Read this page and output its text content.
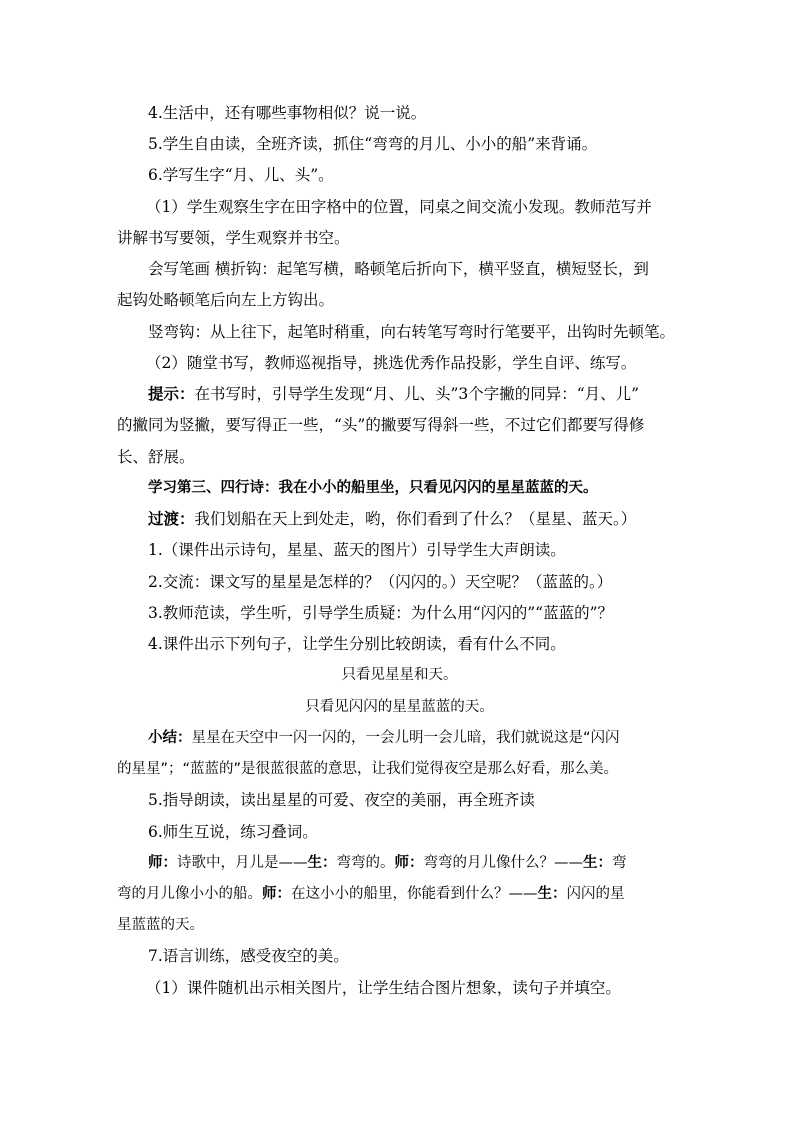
4.生活中，还有哪些事物相似？说一说。
5.学生自由读，全班齐读，抓住“弯弯的月儿、小小的船”来背诵。
6.学写生字“月、儿、头”。
（1）学生观察生字在田字格中的位置，同桌之间交流小发现。教师范写并
讲解书写要领，学生观察并书空。
会写笔画 横折钩：起笔写横，略顿笔后折向下，横平竖直，横短竖长，到
起钩处略顿笔后向左上方钩出。
竖弯钩：从上往下，起笔时稍重，向右转笔写弯时行笔要平，出钩时先顿笔。
（2）随堂书写，教师巡视指导，挑选优秀作品投影，学生自评、练写。
提示：在书写时，引导学生发现“月、儿、头”3个字撇的同异：“月、儿”
的撇同为竖撇，要写得正一些，“头”的撇要写得斜一些，不过它们都要写得修
长、舒展。
学习第三、四行诗：我在小小的船里坐，只看见闪闪的星星蓝蓝的天。
过渡：我们划船在天上到处走，哟，你们看到了什么？（星星、蓝天。）
1.（课件出示诗句，星星、蓝天的图片）引导学生大声朗读。
2.交流：课文写的星星是怎样的？（闪闪的。）天空呢？（蓝蓝的。）
3.教师范读，学生听，引导学生质疑：为什么用“闪闪的”“蓝蓝的”？
4.课件出示下列句子，让学生分别比较朗读，看有什么不同。
只看见星星和天。
只看见闪闪的星星蓝蓝的天。
小结：星星在天空中一闪一闪的，一会儿明一会儿暗，我们就说这是“闪闪
的星星”；“蓝蓝的”是很蓝很蓝的意思，让我们觉得夜空是那么好看，那么美。
5.指导朗读，读出星星的可爱、夜空的美丽，再全班齐读
6.师生互说，练习叠词。
师：诗歌中，月儿是——生：弯弯的。师：弯弯的月儿像什么？——生：弯
弯的月儿像小小的船。师：在这小小的船里，你能看到什么？——生：闪闪的星
星蓝蓝的天。
7.语言训练，感受夜空的美。
（1）课件随机出示相关图片，让学生结合图片想象，读句子并填空。
